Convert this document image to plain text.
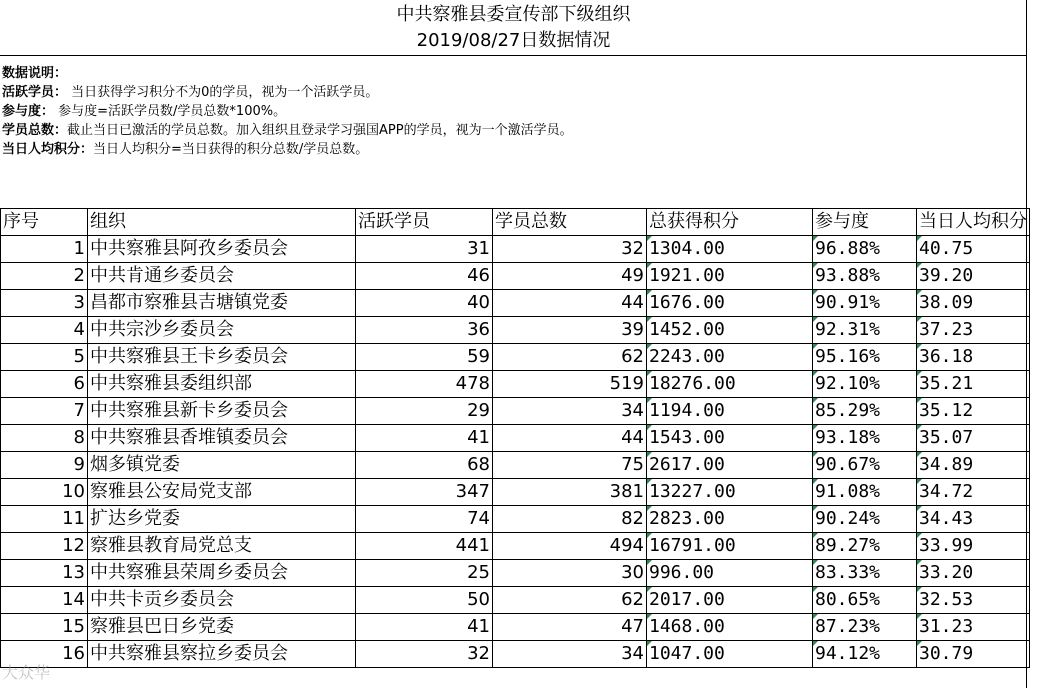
中共察雅县委宣传部下级组织
2019/08/27日数据情况
数据说明：
活跃学员： 当日获得学习积分不为0的学员，视为一个活跃学员。
参与度： 参与度=活跃学员数/学员总数*100%。
学员总数：截止当日已激活的学员总数。加入组织且登录学习强国APP的学员，视为一个激活学员。
当日人均积分：当日人均积分=当日获得的积分总数/学员总数。
序号	组织	活跃学员	学员总数	总获得积分	参与度	当日人均积分
1	中共察雅县阿孜乡委员会	31	32	1304.00	96.88%	40.75
2	中共肯通乡委员会	46	49	1921.00	93.88%	39.20
3	昌都市察雅县吉塘镇党委	40	44	1676.00	90.91%	38.09
4	中共宗沙乡委员会	36	39	1452.00	92.31%	37.23
5	中共察雅县王卡乡委员会	59	62	2243.00	95.16%	36.18
6	中共察雅县委组织部	478	519	18276.00	92.10%	35.21
7	中共察雅县新卡乡委员会	29	34	1194.00	85.29%	35.12
8	中共察雅县香堆镇委员会	41	44	1543.00	93.18%	35.07
9	烟多镇党委	68	75	2617.00	90.67%	34.89
10	察雅县公安局党支部	347	381	13227.00	91.08%	34.72
11	扩达乡党委	74	82	2823.00	90.24%	34.43
12	察雅县教育局党总支	441	494	16791.00	89.27%	33.99
13	中共察雅县荣周乡委员会	25	30	996.00	83.33%	33.20
14	中共卡贡乡委员会	50	62	2017.00	80.65%	32.53
15	察雅县巴日乡党委	41	47	1468.00	87.23%	31.23
16	中共察雅县察拉乡委员会	32	34	1047.00	94.12%	30.79
大众华
